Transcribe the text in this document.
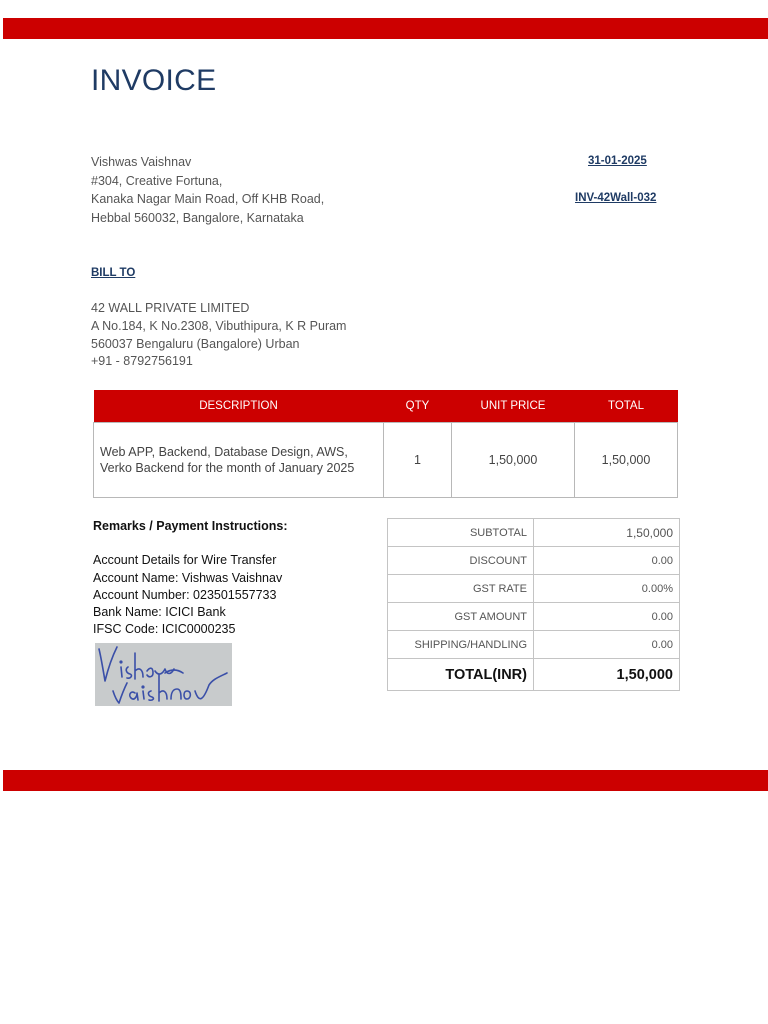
INVOICE
Vishwas Vaishnav
#304, Creative Fortuna,
Kanaka Nagar Main Road, Off KHB Road,
Hebbal 560032, Bangalore, Karnataka
31-01-2025
INV-42Wall-032
BILL TO
42 WALL PRIVATE LIMITED
A No.184, K No.2308, Vibuthipura, K R Puram
560037 Bengaluru (Bangalore) Urban
+91 - 8792756191
DESCRIPTION	QTY	UNIT PRICE	TOTAL

Web APP, Backend, Database Design, AWS,
Verko Backend for the month of January 2025	1	1,50,000	1,50,000
Remarks / Payment Instructions:
Account Details for Wire Transfer
Account Name: Vishwas Vaishnav
Account Number: 023501557733
Bank Name: ICICI Bank
IFSC Code: ICIC0000235
SUBTOTAL	1,50,000
DISCOUNT	0.00
GST RATE	0.00%
GST AMOUNT	0.00
SHIPPING/HANDLING	0.00
TOTAL(INR)	1,50,000
